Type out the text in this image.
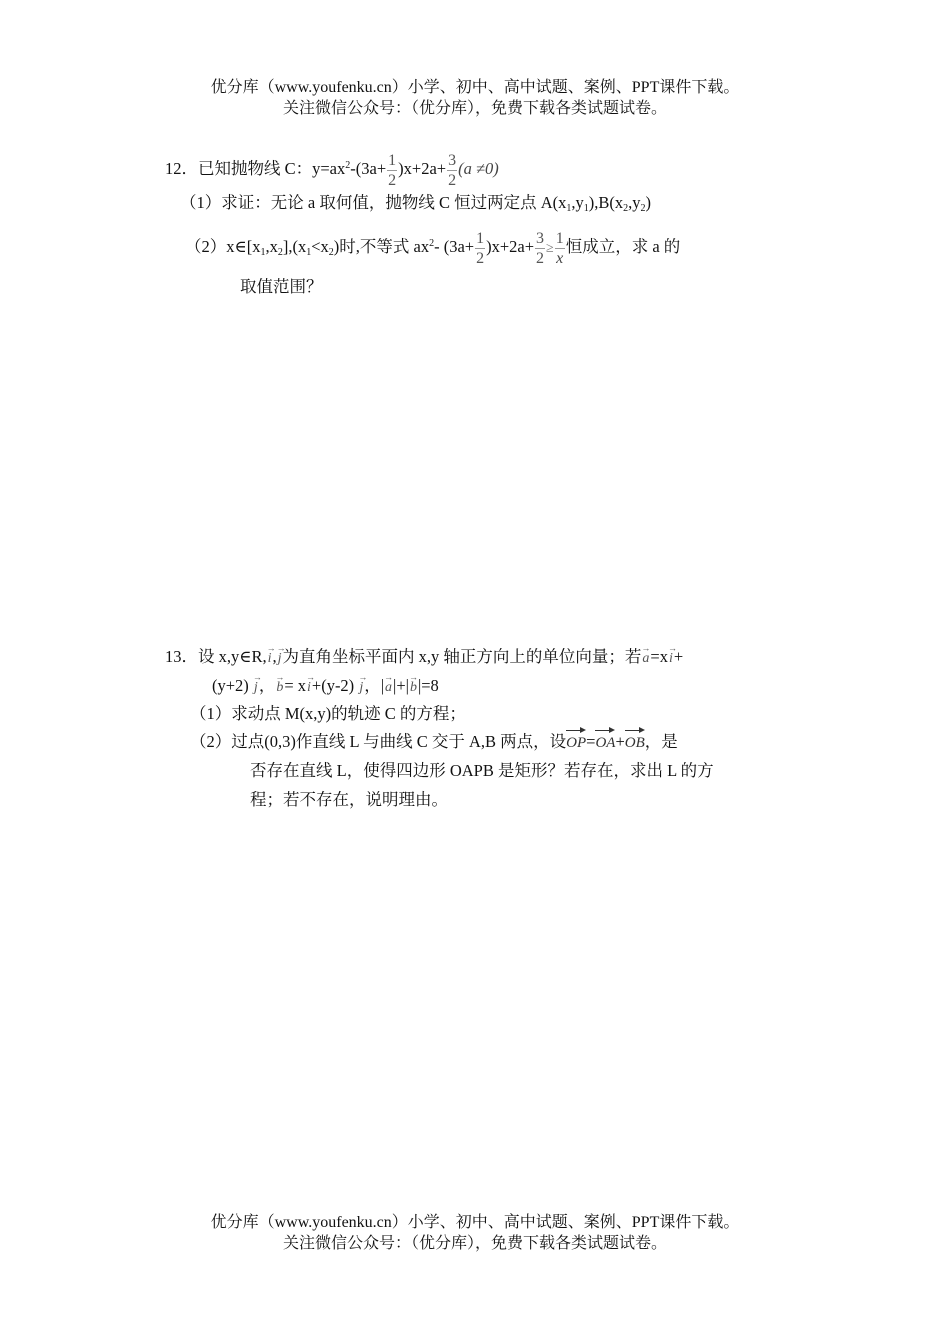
优分库（www.youfenku.cn）小学、初中、高中试题、案例、PPT课件下载。
关注微信公众号：（优分库），免费下载各类试题试卷。
12．已知抛物线 C：$y=ax^2-(3a+ \frac{1}{2} )x+2a+ \frac{3}{2} (a \ne 0)$
（1）求证：无论 a 取何值，抛物线 C 恒过两定点 $A(x_1,y_1),B(x_2,y_2)$
$(2)x\in[x_1,x_2],(x_1<x_2)$时,不等式 $ax^2-$ $(3a+ \frac{1}{2} )x+2a+ \frac{3}{2} \ge \frac{1}{x}$ 恒成立，求 a 的
取值范围？
13．设 x,y∈R,→ i,→ j为直角坐标平面内 x,y 轴正方向上的单位向量；若→ a=x→ i+
(y+2) → j，→ b= x→ i+(y-2) → j，|→ a|+|→ b|=8
（1）求动点 M(x,y)的轨迹 C 的方程；
（2）过点(0,3)作直线 L 与曲线 C 交于 A,B 两点，设OP=OA+OB，是
否存在直线 L，使得四边形 OAPB 是矩形？若存在，求出 L 的方
程；若不存在，说明理由。
优分库（www.youfenku.cn）小学、初中、高中试题、案例、PPT课件下载。
关注微信公众号：（优分库），免费下载各类试题试卷。
